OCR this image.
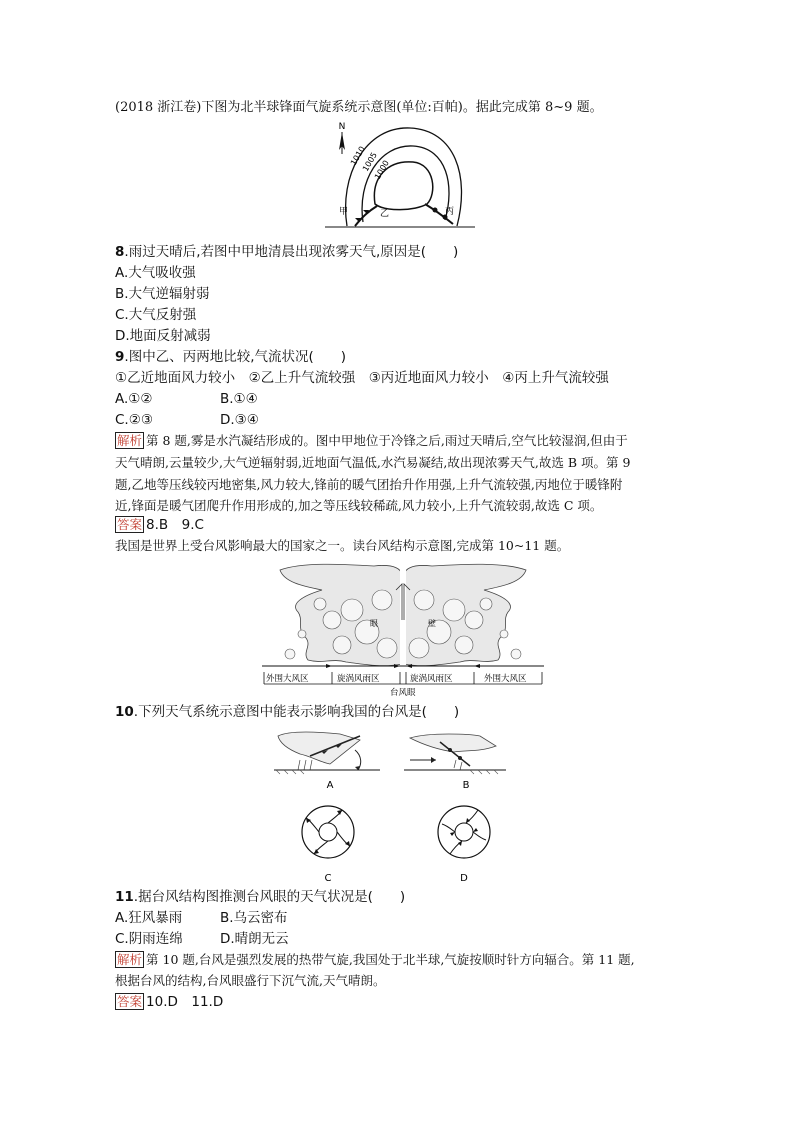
(2018 浙江卷)下图为北半球锋面气旋系统示意图(单位:百帕)。据此完成第 8~9 题。
N
1010
1005
1000
甲	乙	丙
8.雨过天晴后,若图中甲地清晨出现浓雾天气,原因是(　　)
A.大气吸收强
B.大气逆辐射弱
C.大气反射强
D.地面反射减弱
9.图中乙、丙两地比较,气流状况(　　)
①乙近地面风力较小　②乙上升气流较强　③丙近地面风力较小　④丙上升气流较强
A.①②	B.①④
C.②③	D.③④
解析 第 8 题,雾是水汽凝结形成的。图中甲地位于冷锋之后,雨过天晴后,空气比较湿润,但由于
天气晴朗,云量较少,大气逆辐射弱,近地面气温低,水汽易凝结,故出现浓雾天气,故选 B 项。第 9
题,乙地等压线较丙地密集,风力较大,锋前的暖气团抬升作用强,上升气流较强,丙地位于暖锋附
近,锋面是暖气团爬升作用形成的,加之等压线较稀疏,风力较小,上升气流较弱,故选 C 项。
答案 8.B　9.C
我国是世界上受台风影响最大的国家之一。读台风结构示意图,完成第 10~11 题。
眼	壁
外围大风区	旋涡风雨区	旋涡风雨区	外围大风区
台风眼
10.下列天气系统示意图中能表示影响我国的台风是(　　)
A	B
C	D
11.据台风结构图推测台风眼的天气状况是(　　)
A.狂风暴雨	B.乌云密布
C.阴雨连绵	D.晴朗无云
解析 第 10 题,台风是强烈发展的热带气旋,我国处于北半球,气旋按顺时针方向辐合。第 11 题,
根据台风的结构,台风眼盛行下沉气流,天气晴朗。
答案 10.D　11.D
